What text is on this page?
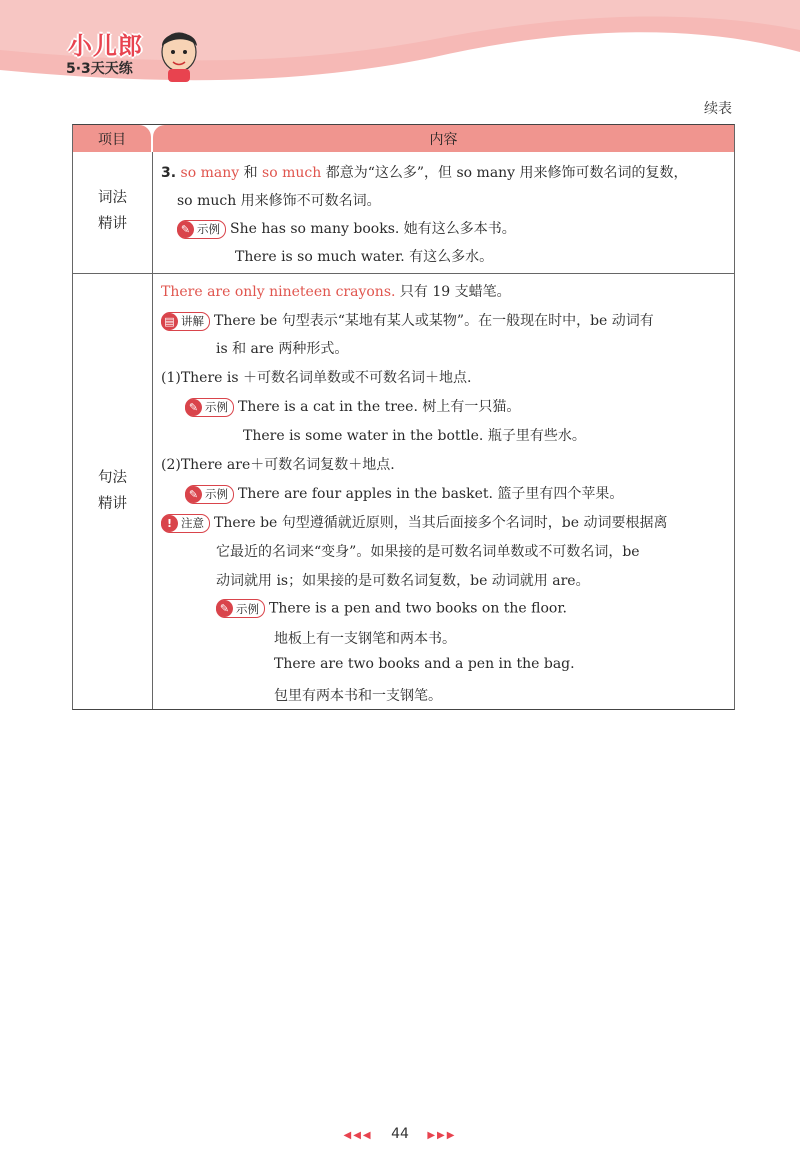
小儿郎
5·3天天练
续表
项目	内容
词法
精讲
3. so many 和 so much 都意为“这么多”，但 so many 用来修饰可数名词的复数，
so much 用来修饰不可数名词。
✎ 示例 She has so many books. 她有这么多本书。
There is so much water. 有这么多水。
句法
精讲
There are only nineteen crayons. 只有 19 支蜡笔。
▤ 讲解 There be 句型表示“某地有某人或某物”。在一般现在时中，be 动词有
is 和 are 两种形式。
(1)There is ＋可数名词单数或不可数名词＋地点.
✎ 示例 There is a cat in the tree. 树上有一只猫。
There is some water in the bottle. 瓶子里有些水。
(2)There are＋可数名词复数＋地点.
✎ 示例 There are four apples in the basket. 篮子里有四个苹果。
! 注意 There be 句型遵循就近原则，当其后面接多个名词时，be 动词要根据离
它最近的名词来“变身”。如果接的是可数名词单数或不可数名词，be
动词就用 is；如果接的是可数名词复数，be 动词就用 are。
✎ 示例 There is a pen and two books on the floor.
地板上有一支钢笔和两本书。
There are two books and a pen in the bag.
包里有两本书和一支钢笔。
◀◀◀ 44 ▶▶▶
